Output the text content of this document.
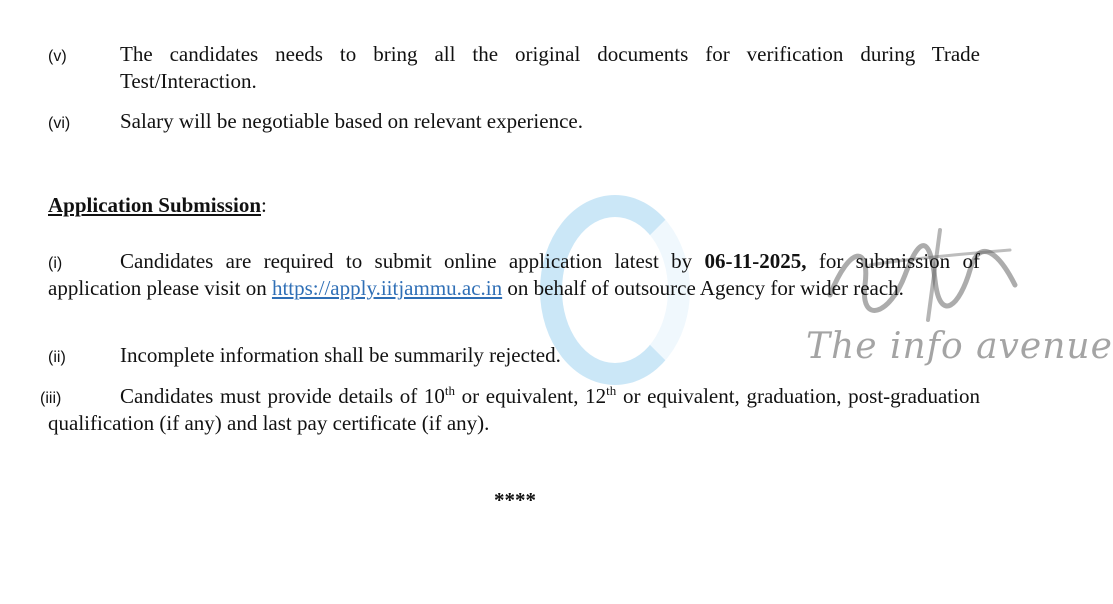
The info avenue
(v)	The candidates needs to bring all the original documents for verification during Trade Test/Interaction.
(vi) Salary will be negotiable based on relevant experience.
Application Submission:
(i)	Candidates are required to submit online application latest by 06-11-2025, for submission of application please visit on https://apply.iitjammu.ac.in on behalf of outsource Agency for wider reach.
(ii)	Incomplete information shall be summarily rejected.
(iii)	Candidates must provide details of 10th or equivalent, 12th or equivalent, graduation, post-graduation qualification (if any) and last pay certificate (if any).
****
